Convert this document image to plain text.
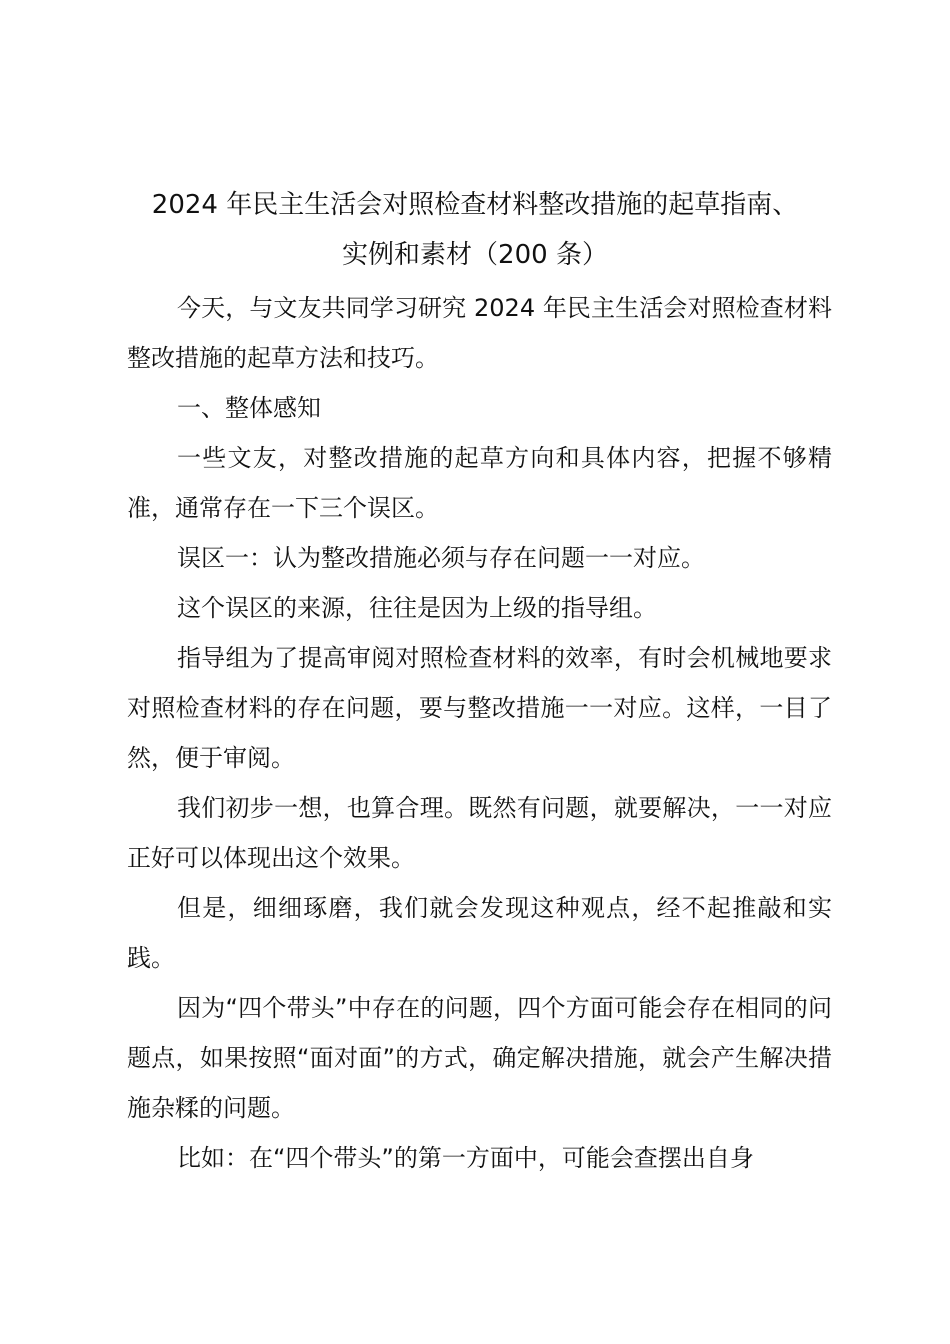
2024 年民主生活会对照检查材料整改措施的起草指南、
实例和素材（200 条）

今天，与文友共同学习研究 2024 年民主生活会对照检查材料整改措施的起草方法和技巧。

一、整体感知

一些文友，对整改措施的起草方向和具体内容，把握不够精准，通常存在一下三个误区。

误区一：认为整改措施必须与存在问题一一对应。

这个误区的来源，往往是因为上级的指导组。

指导组为了提高审阅对照检查材料的效率，有时会机械地要求对照检查材料的存在问题，要与整改措施一一对应。这样，一目了然，便于审阅。

我们初步一想，也算合理。既然有问题，就要解决，一一对应正好可以体现出这个效果。

但是，细细琢磨，我们就会发现这种观点，经不起推敲和实践。

因为“四个带头”中存在的问题，四个方面可能会存在相同的问题点，如果按照“面对面”的方式，确定解决措施，就会产生解决措施杂糅的问题。

比如：在“四个带头”的第一方面中，可能会查摆出自身
